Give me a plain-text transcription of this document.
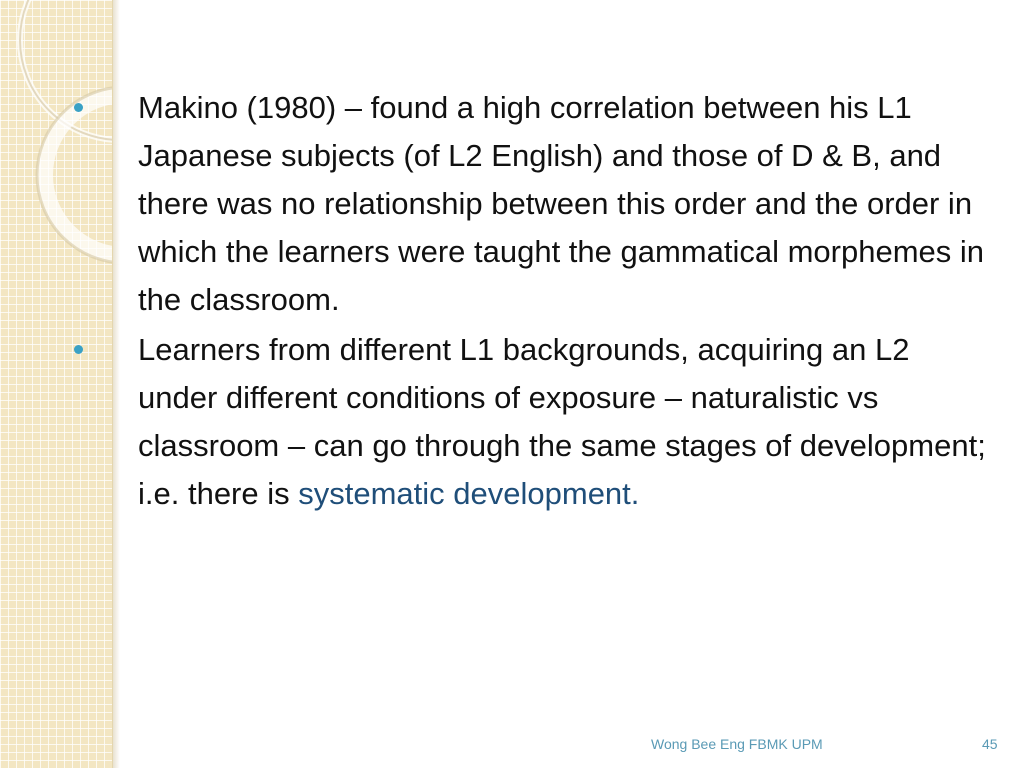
Makino (1980) – found a high correlation between his L1 Japanese subjects (of L2 English) and those of D & B, and there was no relationship between this order and the order in which the learners were taught the gammatical morphemes in the classroom.
Learners from different L1 backgrounds, acquiring an L2 under different conditions of exposure – naturalistic vs classroom – can go through the same stages of development; i.e. there is systematic development.
Wong Bee Eng FBMK UPM	45
